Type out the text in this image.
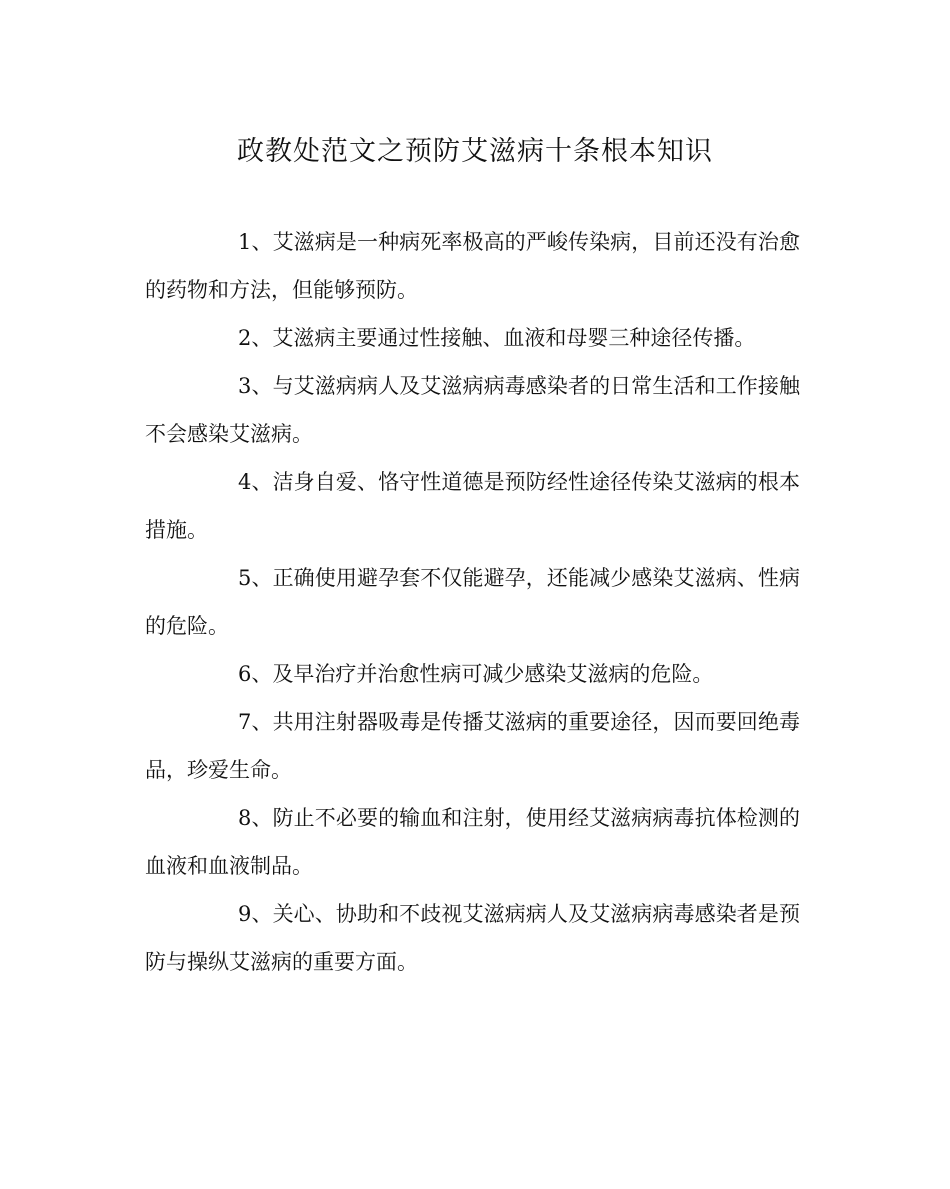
政教处范文之预防艾滋病十条根本知识

1、艾滋病是一种病死率极高的严峻传染病，目前还没有治愈的药物和方法，但能够预防。

2、艾滋病主要通过性接触、血液和母婴三种途径传播。

3、与艾滋病病人及艾滋病病毒感染者的日常生活和工作接触不会感染艾滋病。

4、洁身自爱、恪守性道德是预防经性途径传染艾滋病的根本措施。

5、正确使用避孕套不仅能避孕，还能减少感染艾滋病、性病的危险。

6、及早治疗并治愈性病可减少感染艾滋病的危险。

7、共用注射器吸毒是传播艾滋病的重要途径，因而要回绝毒品，珍爱生命。

8、防止不必要的输血和注射，使用经艾滋病病毒抗体检测的血液和血液制品。

9、关心、协助和不歧视艾滋病病人及艾滋病病毒感染者是预防与操纵艾滋病的重要方面。
